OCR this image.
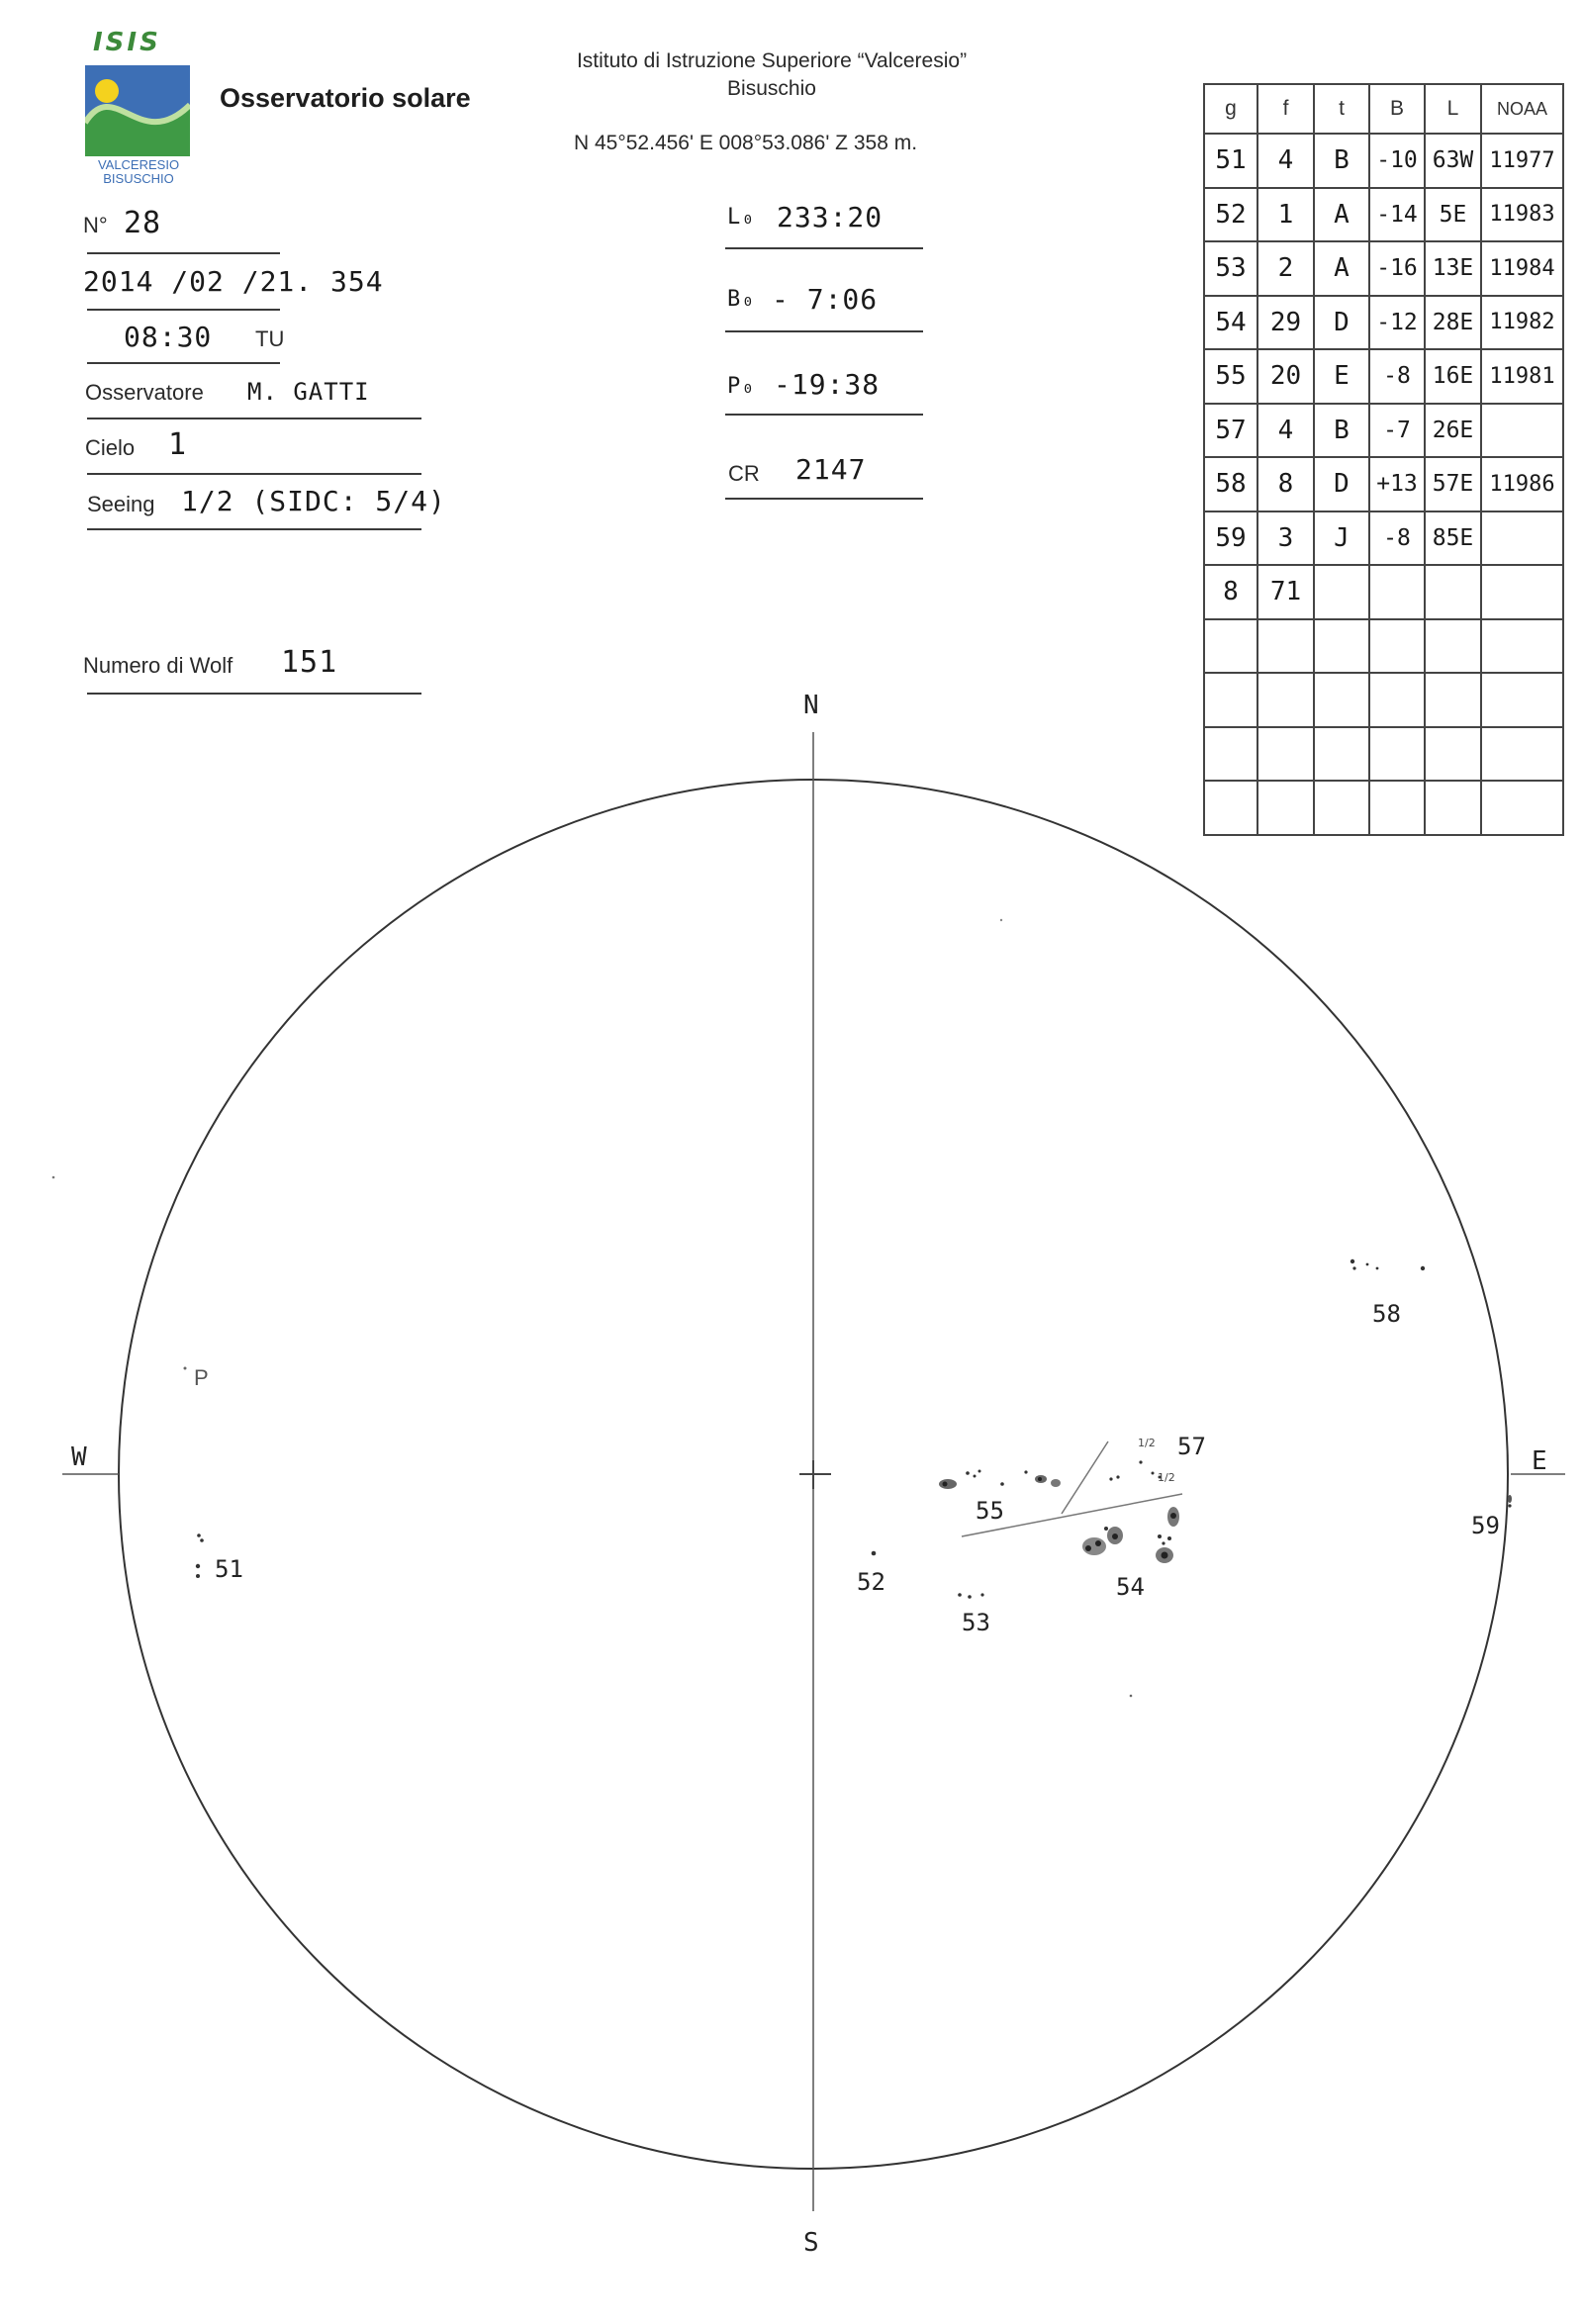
ISIS
VALCERESIO
BISUSCHIO
Osservatorio solare
Istituto di Istruzione Superiore “Valceresio”
Bisuschio
N 45°52.456' E 008°53.086' Z 358 m.
N° 28
2014 /02 /21. 354
08:30 TU
Osservatore M. GATTI
Cielo 1
Seeing 1/2 (SIDC: 5/4)
Numero di Wolf 151
L₀ 233:20
B₀ - 7:06
P₀ -19:38
CR 2147
g	f	t	B	L	NOAA
51	4	B	-10	63W	11977
52	1	A	-14	5E	11983
53	2	A	-16	13E	11984
54	29	D	-12	28E	11982
55	20	E	-8	16E	11981
57	4	B	-7	26E	
58	8	D	+13	57E	11986
59	3	J	-8	85E	
8	71				

1/2
1/2
N
S
W	E
P
51	52
53
54
55
57
58
59
